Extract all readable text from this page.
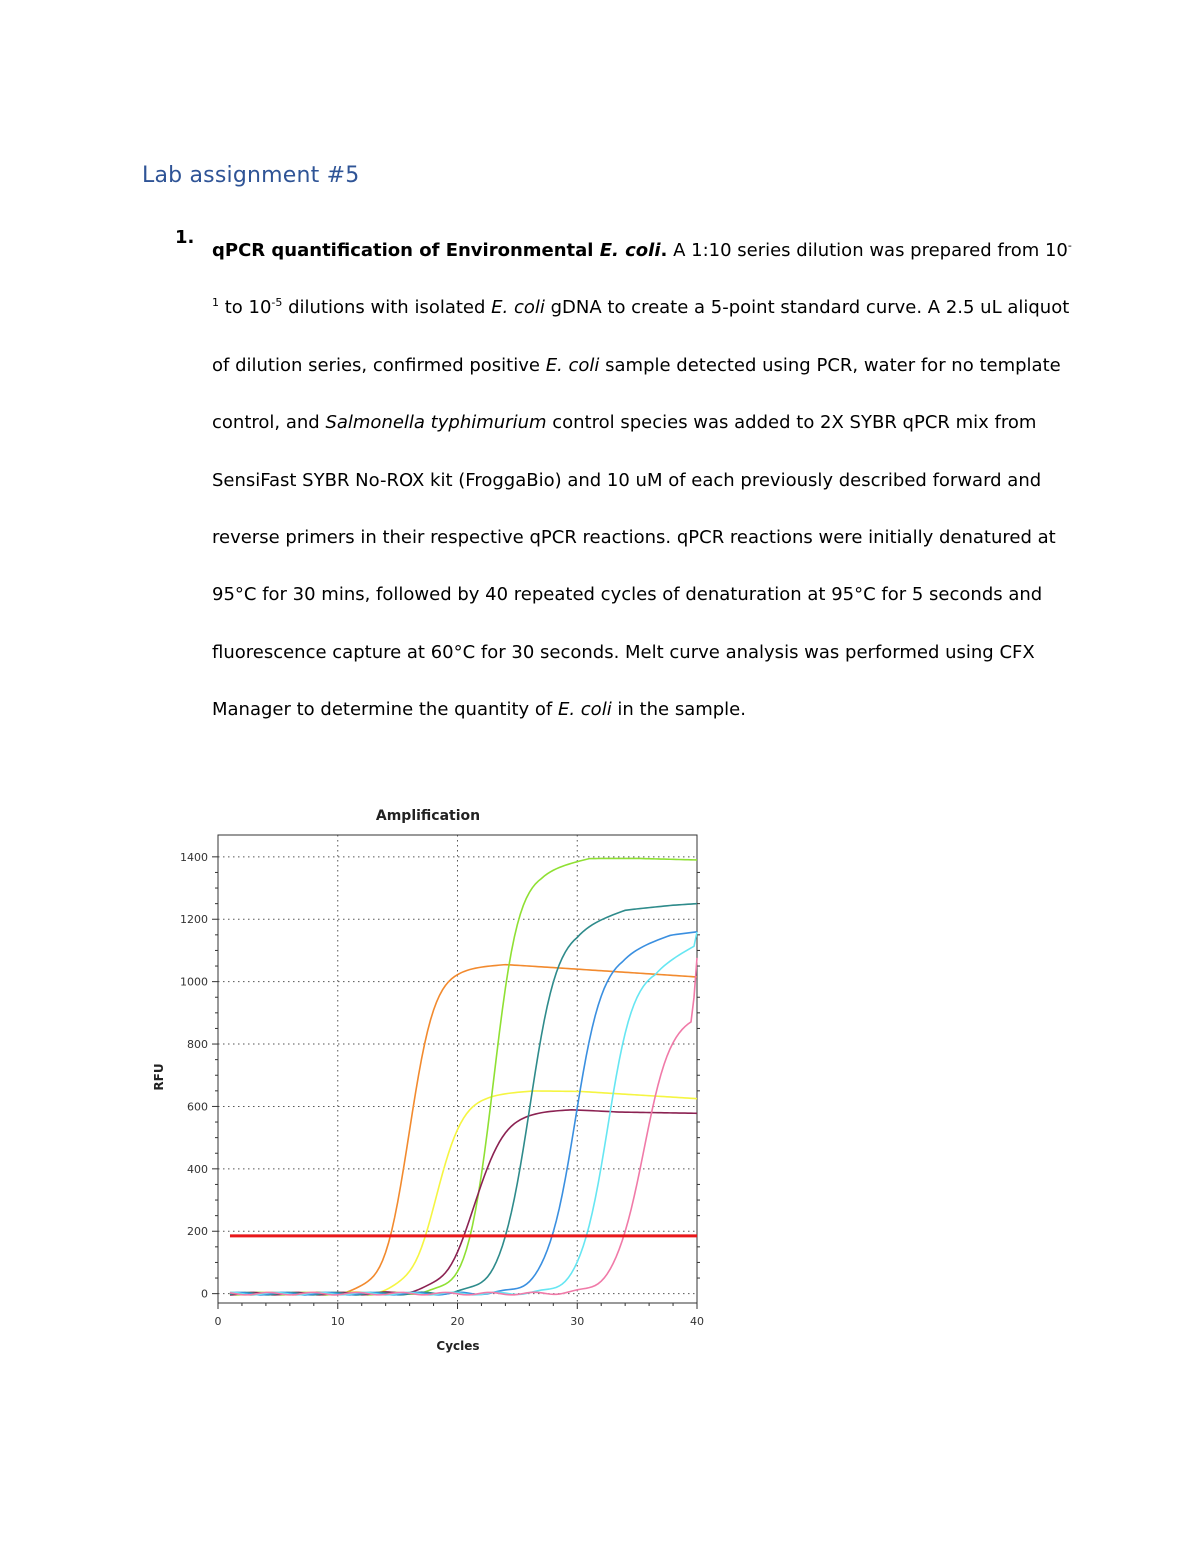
Lab assignment #5
1.
qPCR quantification of Environmental E. coli. A 1:10 series dilution was prepared from $10^{-1}$ to $10^{-5}$ dilutions with isolated E. coli gDNA to create a 5-point standard curve. A 2.5 uL aliquot of dilution series, confirmed positive E. coli sample detected using PCR, water for no template control, and Salmonella typhimurium control species was added to 2X SYBR qPCR mix from SensiFast SYBR No-ROX kit (FroggaBio) and 10 uM of each previously described forward and reverse primers in their respective qPCR reactions. qPCR reactions were initially denatured at 95°C for 30 mins, followed by 40 repeated cycles of denaturation at 95°C for 5 seconds and fluorescence capture at 60°C for 30 seconds. Melt curve analysis was performed using CFX Manager to determine the quantity of E. coli in the sample.
Amplification
RFU
Cycles
0
200
400
600
800
1000
1200
1400
0	10	20	30	40
